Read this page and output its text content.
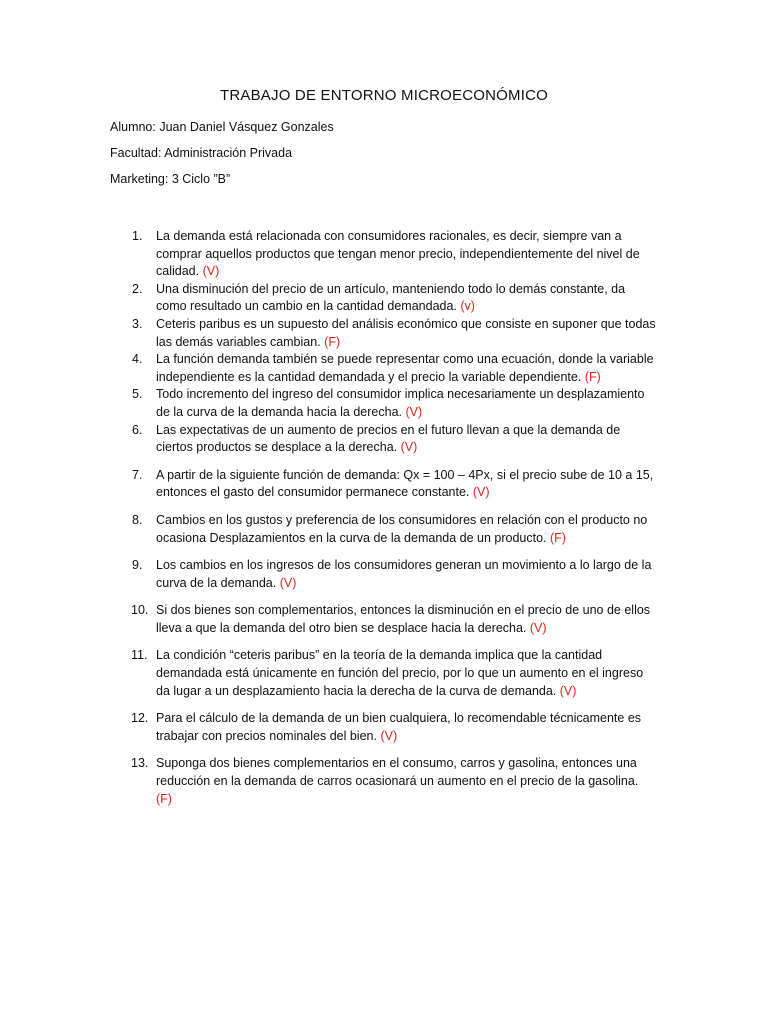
TRABAJO DE ENTORNO MICROECONÓMICO
Alumno: Juan Daniel Vásquez Gonzales
Facultad: Administración Privada
Marketing: 3 Ciclo ”B”
1.	La demanda está relacionada con consumidores racionales, es decir, siempre van a comprar aquellos productos que tengan menor precio, independientemente del nivel de calidad. (V)
2.	Una disminución del precio de un artículo, manteniendo todo lo demás constante, da como resultado un cambio en la cantidad demandada. (v)
3.	Ceteris paribus es un supuesto del análisis económico que consiste en suponer que todas las demás variables cambian. (F)
4.	La función demanda también se puede representar como una ecuación, donde la variable independiente es la cantidad demandada y el precio la variable dependiente. (F)
5.	Todo incremento del ingreso del consumidor implica necesariamente un desplazamiento de la curva de la demanda hacia la derecha. (V)
6.	Las expectativas de un aumento de precios en el futuro llevan a que la demanda de ciertos productos se desplace a la derecha. (V)
7.	A partir de la siguiente función de demanda: Qx = 100 – 4Px, si el precio sube de 10 a 15, entonces el gasto del consumidor permanece constante. (V)
8.	Cambios en los gustos y preferencia de los consumidores en relación con el producto no ocasiona Desplazamientos en la curva de la demanda de un producto. (F)
9.	Los cambios en los ingresos de los consumidores generan un movimiento a lo largo de la curva de la demanda. (V)
10. Si dos bienes son complementarios, entonces la disminución en el precio de uno de ellos lleva a que la demanda del otro bien se desplace hacia la derecha. (V)
11. La condición “ceteris paribus” en la teoría de la demanda implica que la cantidad demandada está únicamente en función del precio, por lo que un aumento en el ingreso da lugar a un desplazamiento hacia la derecha de la curva de demanda. (V)
12. Para el cálculo de la demanda de un bien cualquiera, lo recomendable técnicamente es trabajar con precios nominales del bien. (V)
13. Suponga dos bienes complementarios en el consumo, carros y gasolina, entonces una reducción en la demanda de carros ocasionará un aumento en el precio de la gasolina. (F)
